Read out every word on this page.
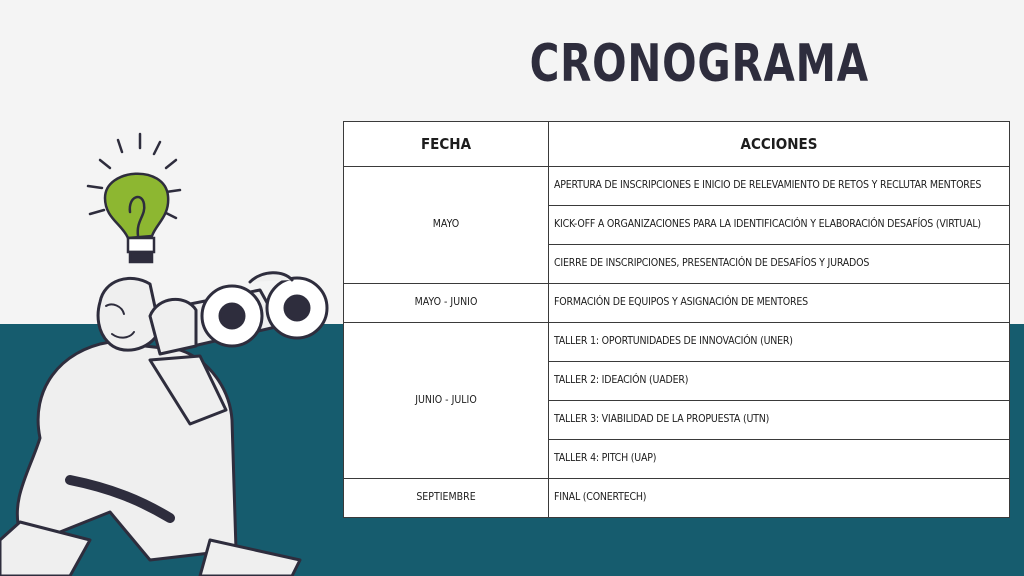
CRONOGRAMA
FECHA	ACCIONES
MAYO	APERTURA DE INSCRIPCIONES E INICIO DE RELEVAMIENTO DE RETOS Y RECLUTAR MENTORES
	KICK-OFF A ORGANIZACIONES PARA LA IDENTIFICACIÓN Y ELABORACIÓN DESAFÍOS (VIRTUAL)
	CIERRE DE INSCRIPCIONES, PRESENTACIÓN DE DESAFÍOS Y JURADOS
MAYO - JUNIO	FORMACIÓN DE EQUIPOS Y ASIGNACIÓN DE MENTORES
JUNIO - JULIO	TALLER 1: OPORTUNIDADES DE INNOVACIÓN (UNER)
	TALLER 2: IDEACIÓN (UADER)
	TALLER 3: VIABILIDAD DE LA PROPUESTA (UTN)
	TALLER 4: PITCH (UAP)
SEPTIEMBRE	FINAL (CONERTECH)
